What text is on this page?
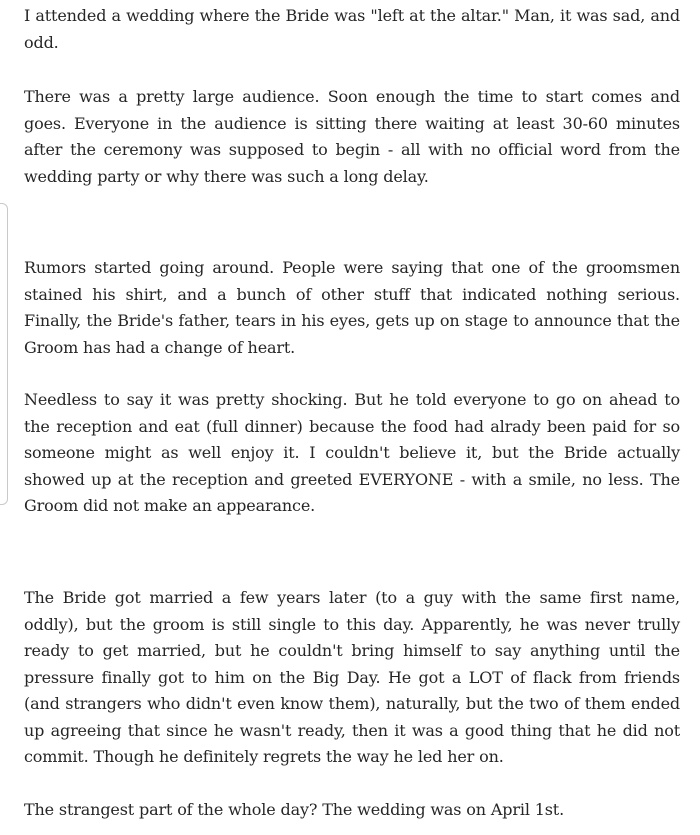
I attended a wedding where the Bride was "left at the altar." Man, it was sad, and odd.

There was a pretty large audience. Soon enough the time to start comes and goes. Everyone in the audience is sitting there waiting at least 30-60 minutes after the ceremony was supposed to begin - all with no official word from the wedding party or why there was such a long delay.

Rumors started going around. People were saying that one of the groomsmen stained his shirt, and a bunch of other stuff that indicated nothing serious. Finally, the Bride's father, tears in his eyes, gets up on stage to announce that the Groom has had a change of heart.

Needless to say it was pretty shocking. But he told everyone to go on ahead to the reception and eat (full dinner) because the food had alrady been paid for so someone might as well enjoy it. I couldn't believe it, but the Bride actually showed up at the reception and greeted EVERYONE - with a smile, no less. The Groom did not make an appearance.

The Bride got married a few years later (to a guy with the same first name, oddly), but the groom is still single to this day. Apparently, he was never trully ready to get married, but he couldn't bring himself to say anything until the pressure finally got to him on the Big Day. He got a LOT of flack from friends (and strangers who didn't even know them), naturally, but the two of them ended up agreeing that since he wasn't ready, then it was a good thing that he did not commit. Though he definitely regrets the way he led her on.

The strangest part of the whole day? The wedding was on April 1st.
